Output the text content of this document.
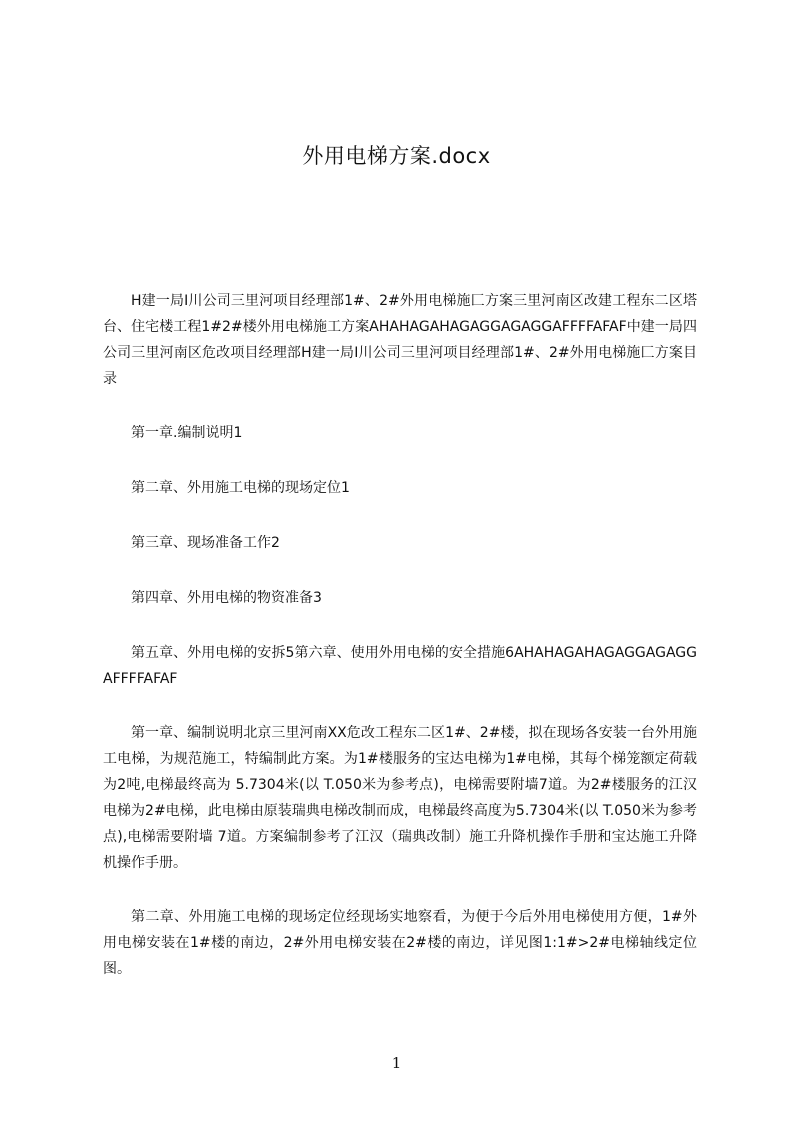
外用电梯方案.docx

H建一局I川公司三里河项目经理部1#、2#外用电梯施匚方案三里河南区改建工程东二区塔台、住宅楼工程1#2#楼外用电梯施工方案AHAHAGAHAGAGGAGAGGAFFFFAFAF中建一局四公司三里河南区危改项目经理部H建一局I川公司三里河项目经理部1#、2#外用电梯施匚方案目录

第一章.编制说明1

第二章、外用施工电梯的现场定位1

第三章、现场准备工作2

第四章、外用电梯的物资准备3

第五章、外用电梯的安拆5第六章、使用外用电梯的安全措施6AHAHAGAHAGAGGAGAGGAFFFFAFAF

第一章、编制说明北京三里河南XX危改工程东二区1#、2#楼，拟在现场各安装一台外用施工电梯，为规范施工，特编制此方案。为1#楼服务的宝达电梯为1#电梯，其每个梯笼额定荷载为2吨,电梯最终高为 5.7304米(以 T.050米为参考点)，电梯需要附墙7道。为2#楼服务的江汉电梯为2#电梯，此电梯由原装瑞典电梯改制而成，电梯最终高度为5.7304米(以 T.050米为参考点),电梯需要附墙 7道。方案编制参考了江汉（瑞典改制）施工升降机操作手册和宝达施工升降机操作手册。

第二章、外用施工电梯的现场定位经现场实地察看，为便于今后外用电梯使用方便，1#外用电梯安装在1#楼的南边，2#外用电梯安装在2#楼的南边，详见图1:1#>2#电梯轴线定位图。

1
